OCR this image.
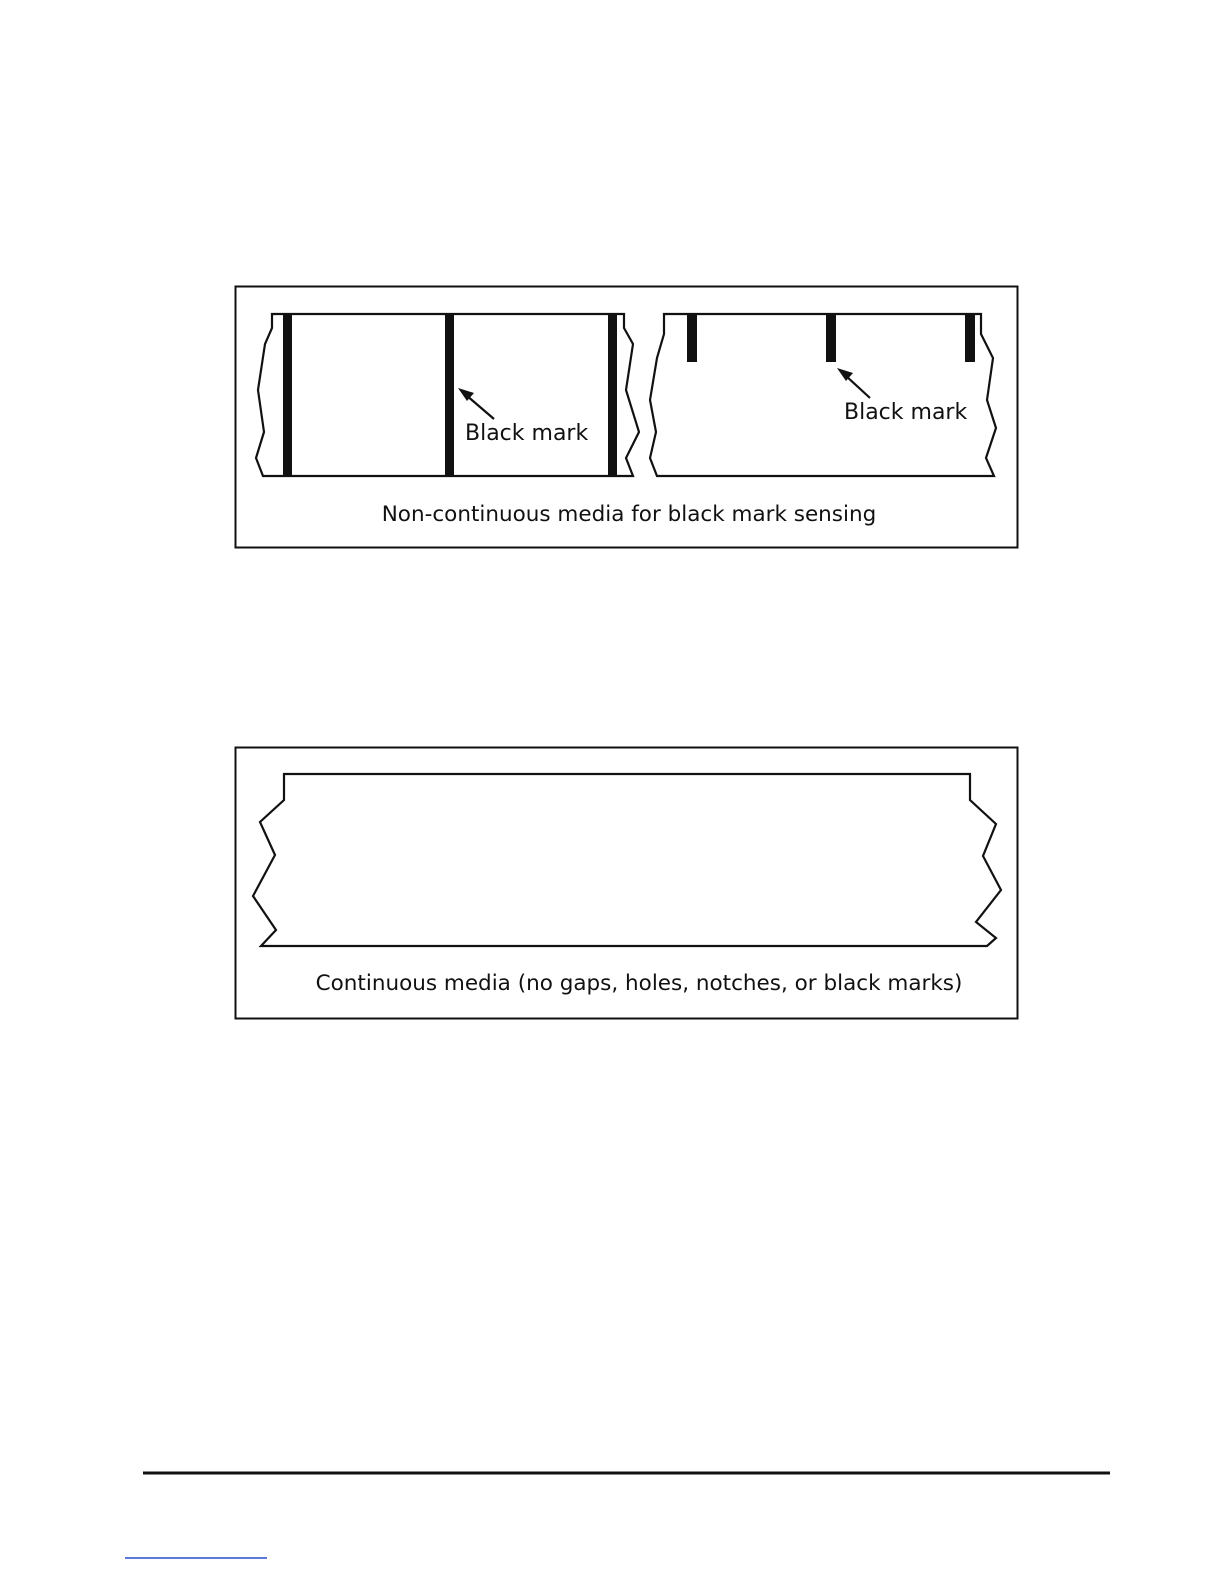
Black mark
Black mark
Non-continuous media for black mark sensing
Continuous media (no gaps, holes, notches, or black marks)
